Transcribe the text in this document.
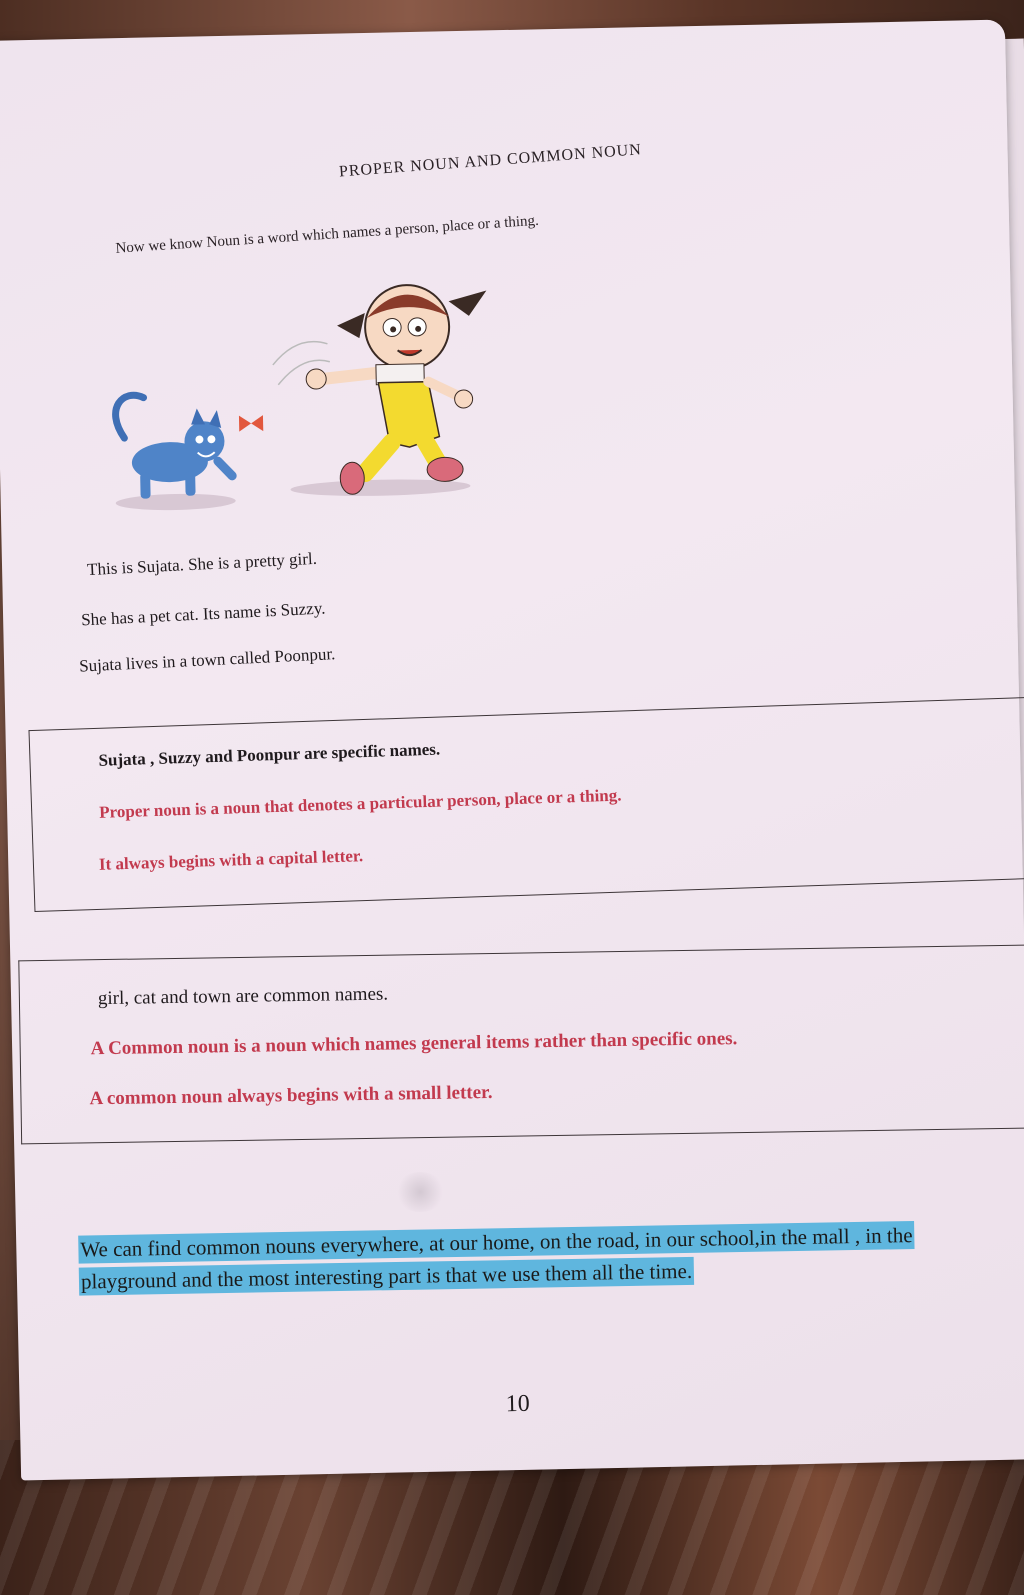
PROPER NOUN AND COMMON NOUN
Now we know Noun is a word which names a person, place or a thing.
This is Sujata. She is a pretty girl.
She has a pet cat. Its name is Suzzy.
Sujata lives in a town called Poonpur.
Sujata , Suzzy and Poonpur are specific names.
Proper noun is a noun that denotes a particular person, place or a thing.
It always begins with a capital letter.
girl, cat and town are common names.
A Common noun is a noun which names general items rather than specific ones.
A common noun always begins with a small letter.
We can find common nouns everywhere, at our home, on the road, in our school,in the mall , in the playground and the most interesting part is that we use them all the time.
10
